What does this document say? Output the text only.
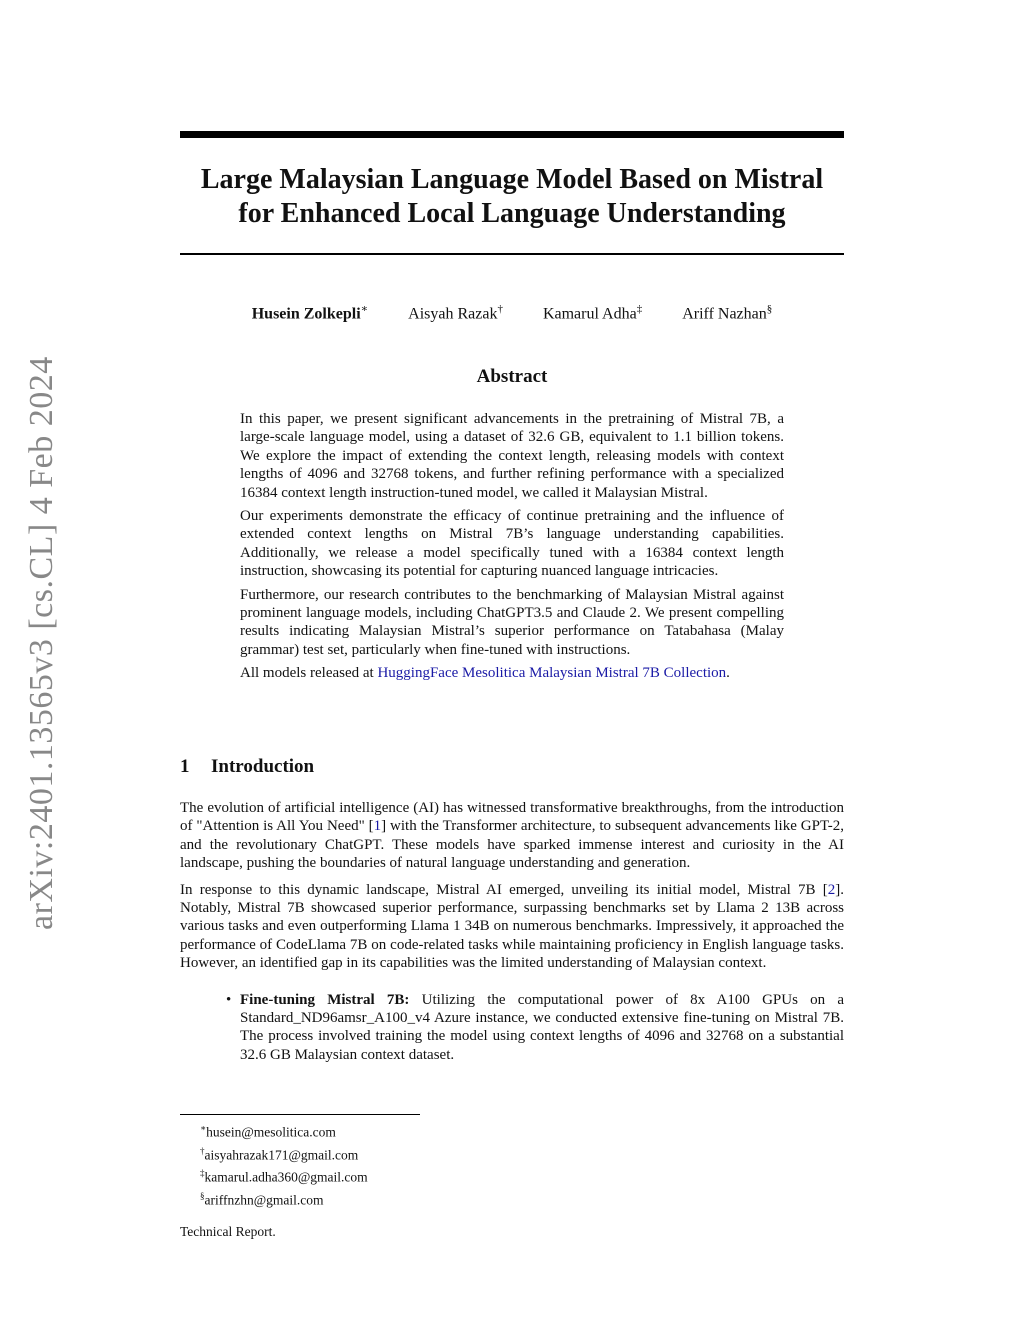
arXiv:2401.13565v3 [cs.CL] 4 Feb 2024
Large Malaysian Language Model Based on Mistral
for Enhanced Local Language Understanding
Husein Zolkepli∗	Aisyah Razak†	Kamarul Adha‡	Ariff Nazhan§
Abstract

In this paper, we present significant advancements in the pretraining of Mistral 7B, a large-scale language model, using a dataset of 32.6 GB, equivalent to 1.1 billion tokens. We explore the impact of extending the context length, releasing models with context lengths of 4096 and 32768 tokens, and further refining performance with a specialized 16384 context length instruction-tuned model, we called it Malaysian Mistral.

Our experiments demonstrate the efficacy of continue pretraining and the influence of extended context lengths on Mistral 7B’s language understanding capabilities. Additionally, we release a model specifically tuned with a 16384 context length instruction, showcasing its potential for capturing nuanced language intricacies.

Furthermore, our research contributes to the benchmarking of Malaysian Mistral against prominent language models, including ChatGPT3.5 and Claude 2. We present compelling results indicating Malaysian Mistral’s superior performance on Tatabahasa (Malay grammar) test set, particularly when fine-tuned with instructions.

All models released at HuggingFace Mesolitica Malaysian Mistral 7B Collection.

1 Introduction

The evolution of artificial intelligence (AI) has witnessed transformative breakthroughs, from the introduction of "Attention is All You Need" [1] with the Transformer architecture, to subsequent advancements like GPT-2, and the revolutionary ChatGPT. These models have sparked immense interest and curiosity in the AI landscape, pushing the boundaries of natural language understanding and generation.

In response to this dynamic landscape, Mistral AI emerged, unveiling its initial model, Mistral 7B [2]. Notably, Mistral 7B showcased superior performance, surpassing benchmarks set by Llama 2 13B across various tasks and even outperforming Llama 1 34B on numerous benchmarks. Impressively, it approached the performance of CodeLlama 7B on code-related tasks while maintaining proficiency in English language tasks. However, an identified gap in its capabilities was the limited understanding of Malaysian context.

• Fine-tuning Mistral 7B: Utilizing the computational power of 8x A100 GPUs on a Standard_ND96amsr_A100_v4 Azure instance, we conducted extensive fine-tuning on Mistral 7B. The process involved training the model using context lengths of 4096 and 32768 on a substantial 32.6 GB Malaysian context dataset.
∗husein@mesolitica.com
†aisyahrazak171@gmail.com
‡kamarul.adha360@gmail.com
§ariffnzhn@gmail.com
Technical Report.
